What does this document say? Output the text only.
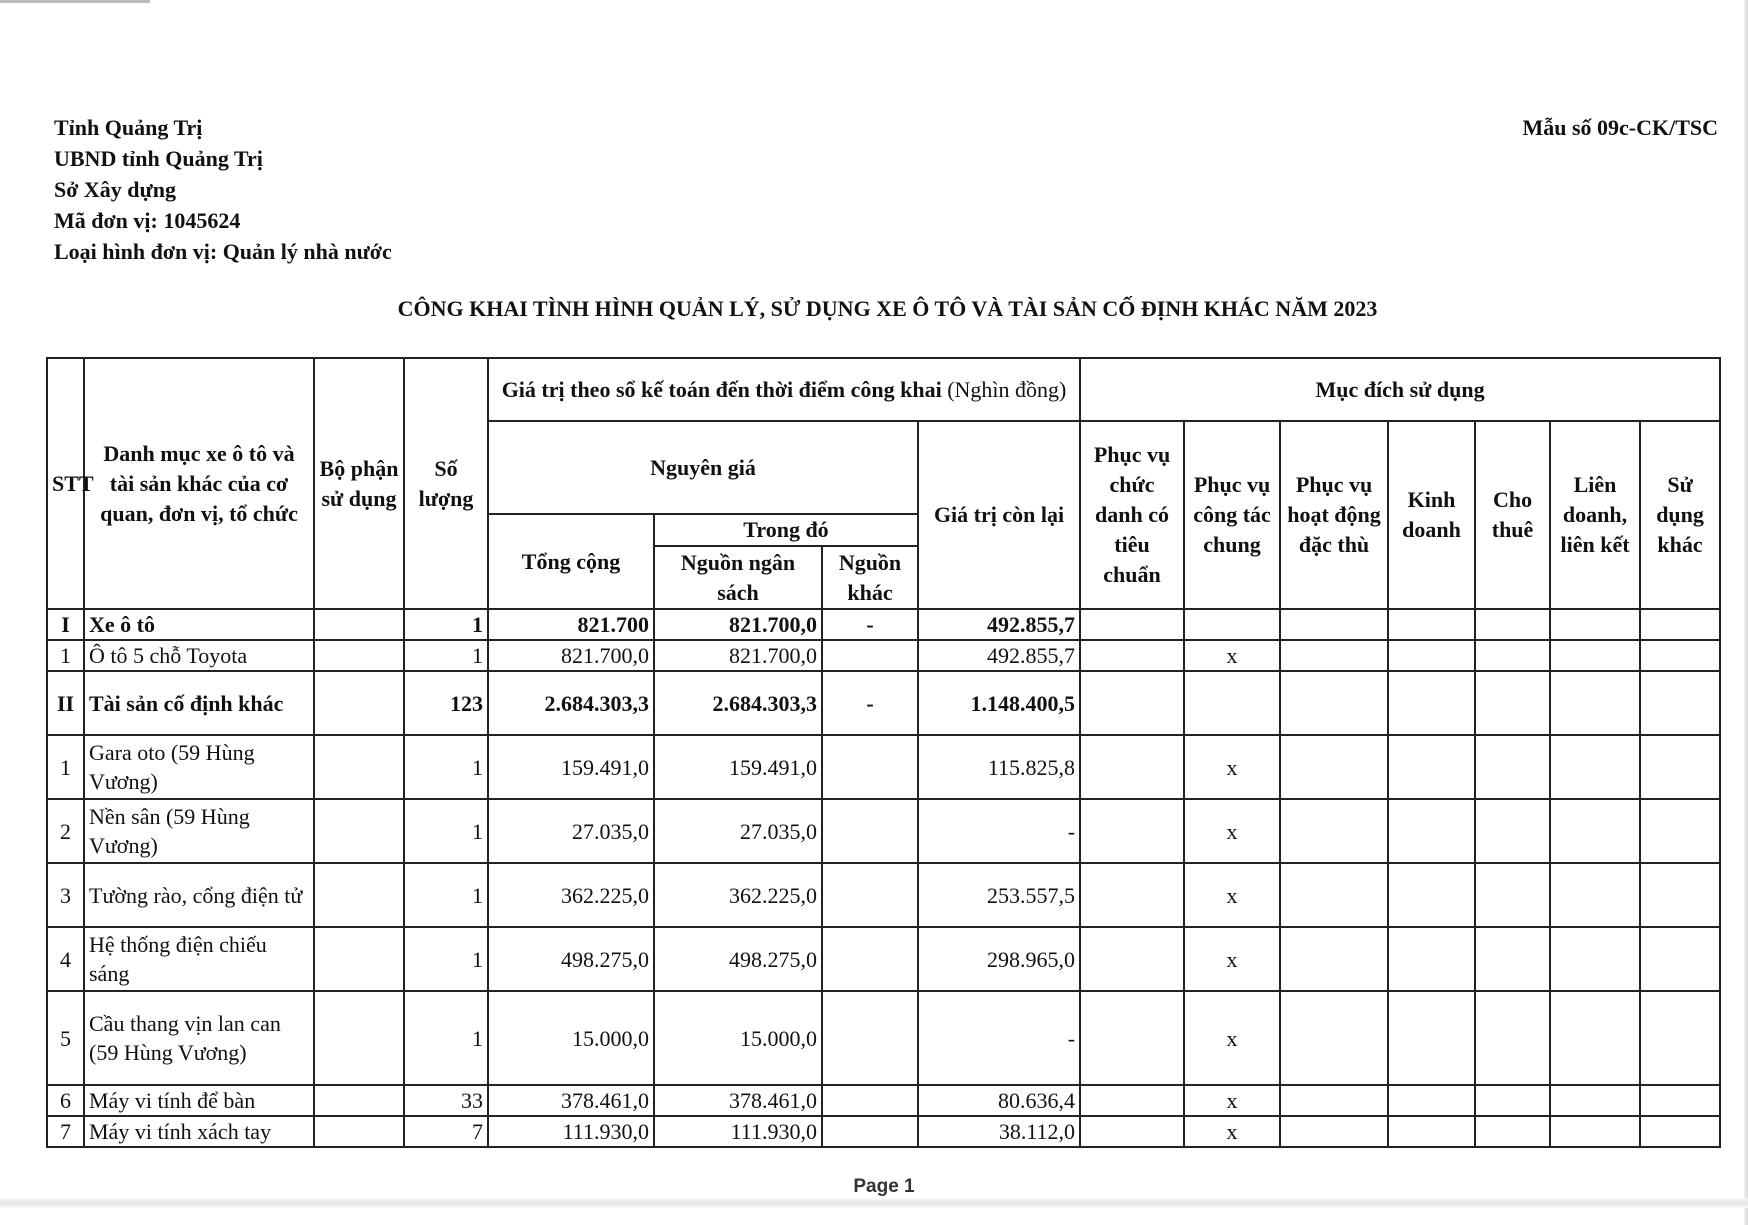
Tỉnh Quảng Trị
UBND tỉnh Quảng Trị
Sở Xây dựng
Mã đơn vị: 1045624
Loại hình đơn vị: Quản lý nhà nước
Mẫu số 09c-CK/TSC
CÔNG KHAI TÌNH HÌNH QUẢN LÝ, SỬ DỤNG XE Ô TÔ VÀ TÀI SẢN CỐ ĐỊNH KHÁC NĂM 2023
STT	Danh mục xe ô tô và tài sản khác của cơ quan, đơn vị, tổ chức	Bộ phận sử dụng	Số lượng	Giá trị theo sổ kế toán đến thời điểm công khai (Nghìn đồng)				Mục đích sử dụng						
				Nguyên giá			Giá trị còn lại	Phục vụ chức danh có tiêu chuẩn	Phục vụ công tác chung	Phục vụ hoạt động đặc thù	Kinh doanh	Cho thuê	Liên doanh, liên kết	Sử dụng khác
				Tổng cộng	Trong đó									
					Nguồn ngân sách	Nguồn khác								
I	Xe ô tô		1	821.700	821.700,0	-	492.855,7							
1	Ô tô 5 chỗ Toyota		1	821.700,0	821.700,0		492.855,7		x					
II	Tài sản cố định khác		123	2.684.303,3	2.684.303,3	-	1.148.400,5							
1	Gara oto (59 Hùng Vương)		1	159.491,0	159.491,0		115.825,8		x					
2	Nền sân (59 Hùng Vương)		1	27.035,0	27.035,0		-		x					
3	Tường rào, cổng điện tử		1	362.225,0	362.225,0		253.557,5		x					
4	Hệ thống điện chiếu sáng		1	498.275,0	498.275,0		298.965,0		x					
5	Cầu thang vịn lan can (59 Hùng Vương)		1	15.000,0	15.000,0		-		x					
6	Máy vi tính để bàn		33	378.461,0	378.461,0		80.636,4		x					
7	Máy vi tính xách tay		7	111.930,0	111.930,0		38.112,0		x					
Page 1
